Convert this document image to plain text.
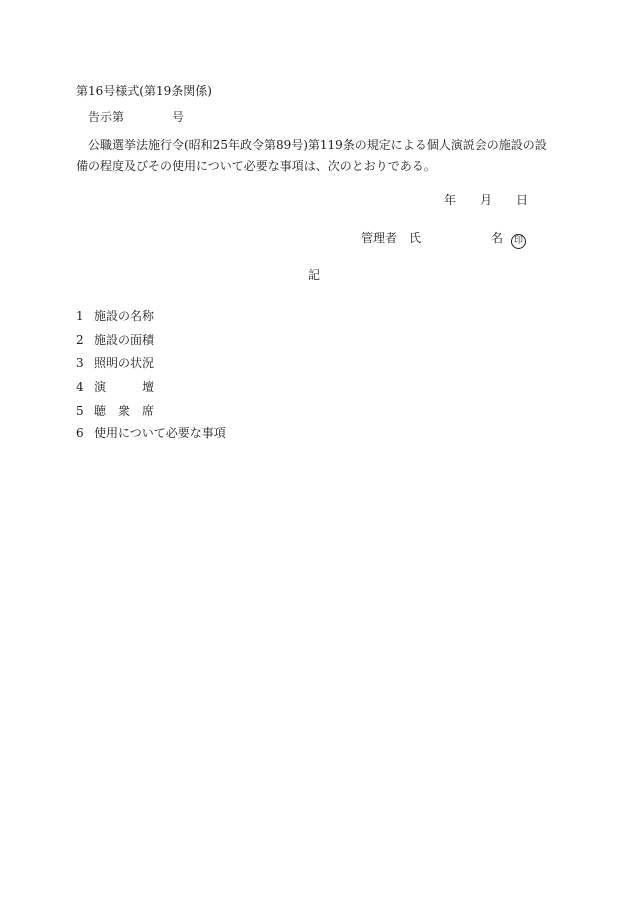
第16号様式(第19条関係)
告示第	号
公職選挙法施行令(昭和25年政令第89号)第119条の規定による個人演説会の施設の設備の程度及びその使用について必要な事項は、次のとおりである。
年 月 日
管理者 氏	名 印
記
1 施設の名称
2 施設の面積
3 照明の状況
4 演　　　壇
5 聴　衆　席
6 使用について必要な事項
